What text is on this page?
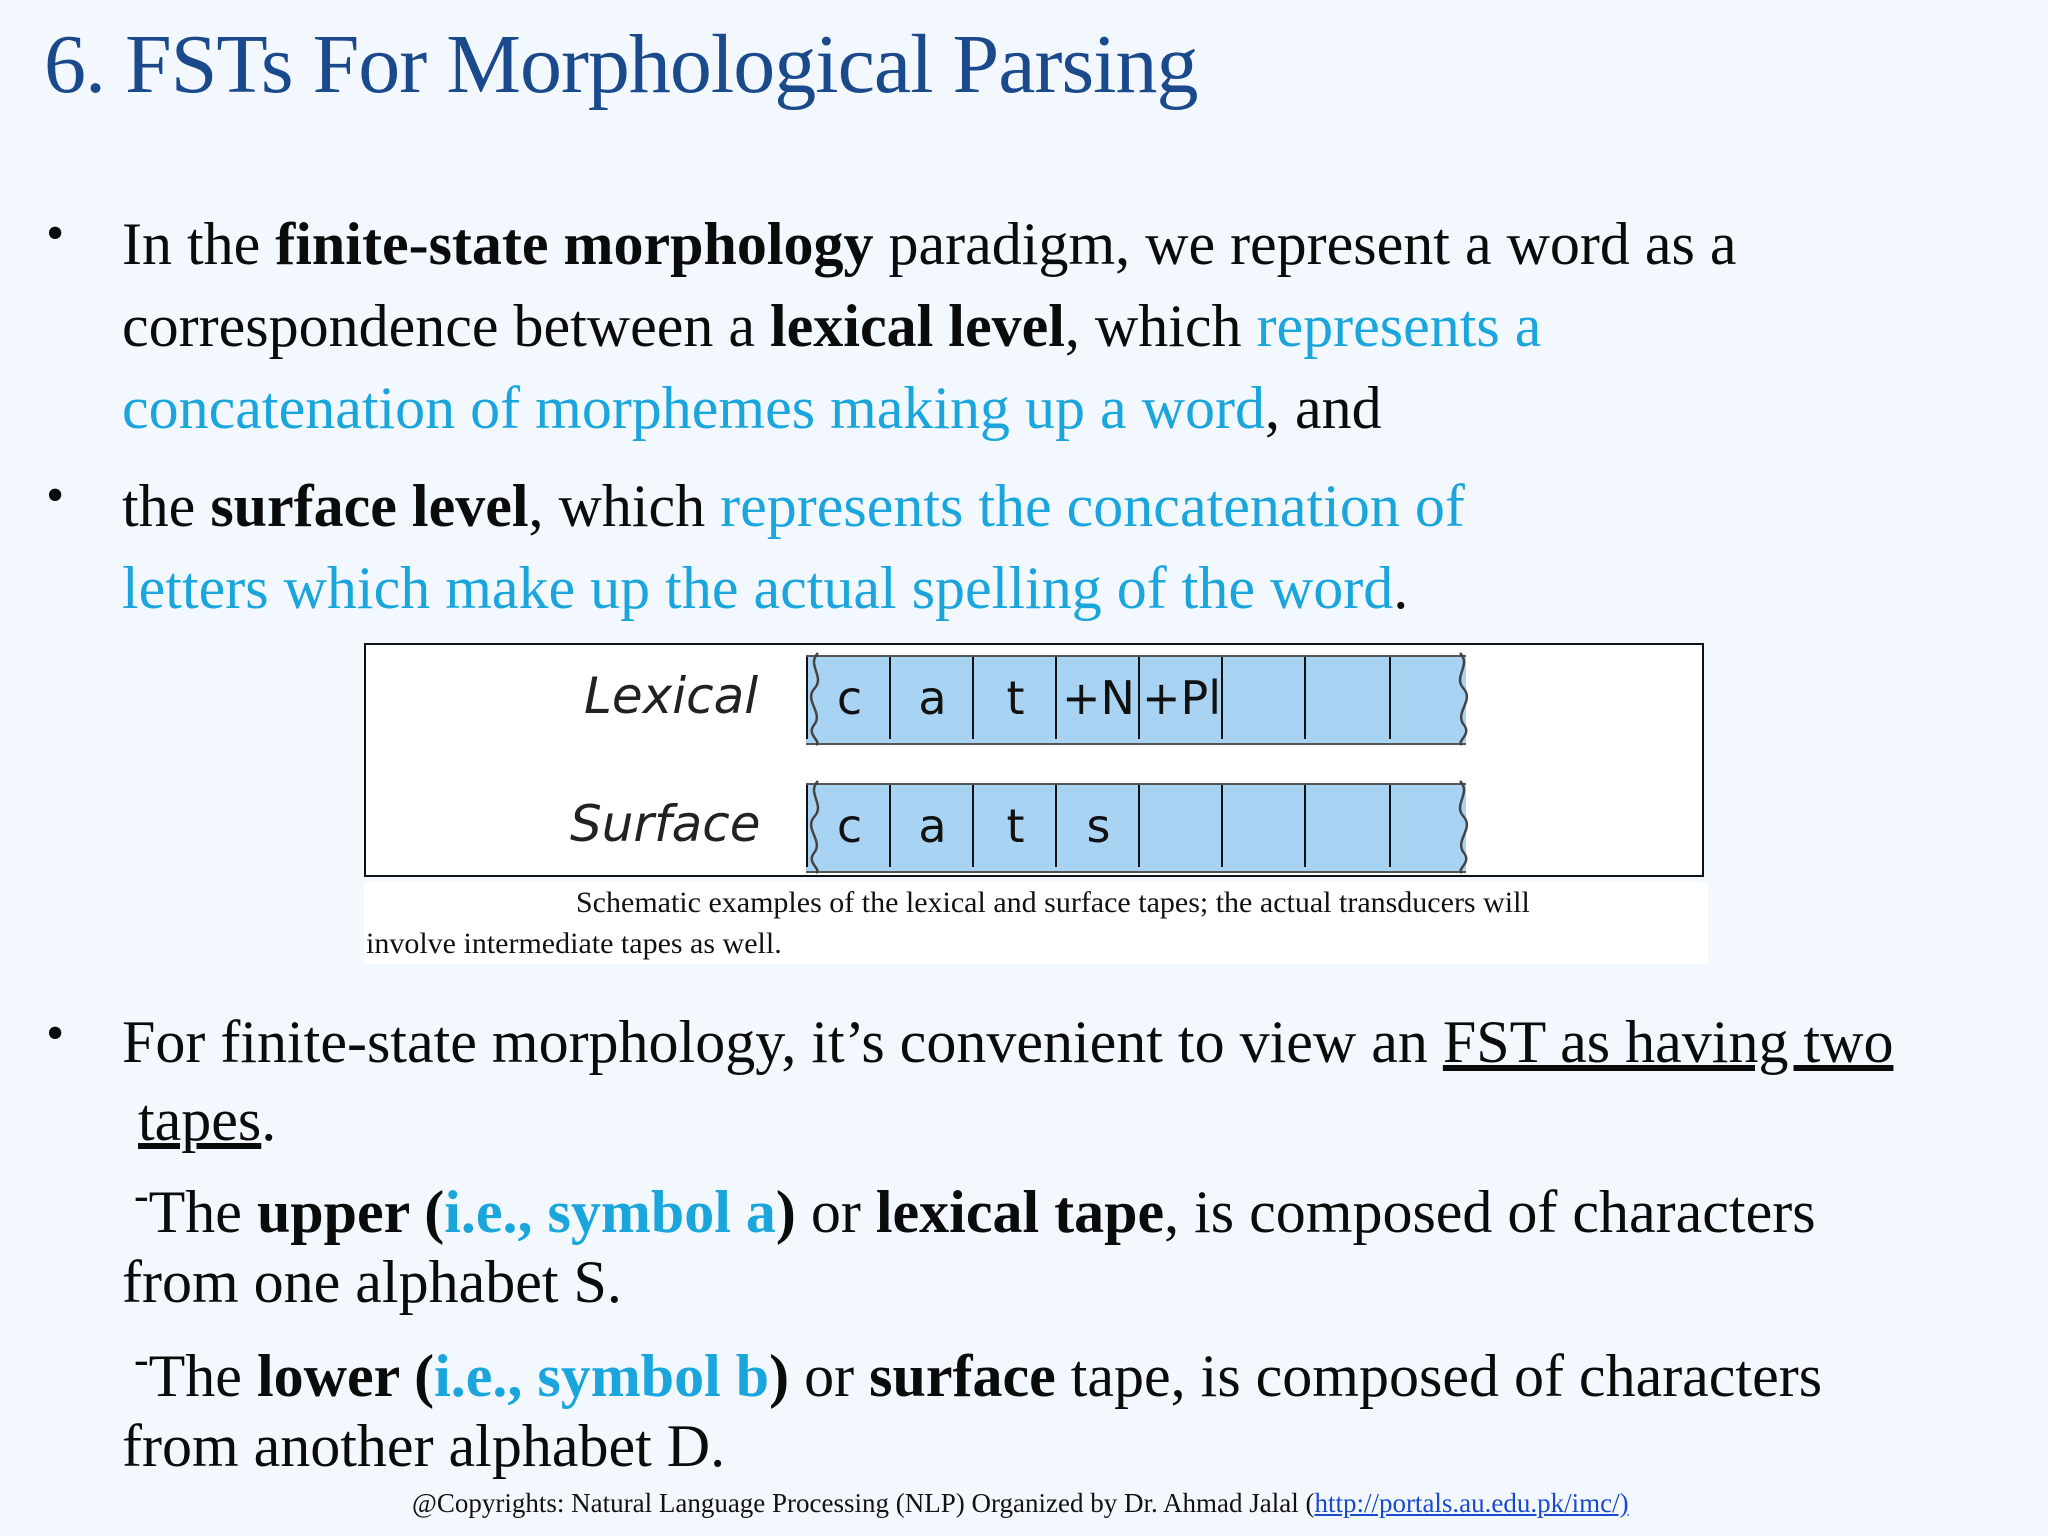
6. FSTs For Morphological Parsing
• In the finite-state morphology paradigm, we represent a word as a
correspondence between a lexical level, which represents a
concatenation of morphemes making up a word, and
• the surface level, which represents the concatenation of
letters which make up the actual spelling of the word.
Lexical
Surface
c	a	t +N +Pl
c	a	t	s
Schematic examples of the lexical and surface tapes; the actual transducers will
involve intermediate tapes as well.
• For finite-state morphology, it’s convenient to view an FST as having two
tapes.
-The upper (i.e., symbol a) or lexical tape, is composed of characters
from one alphabet S.
-The lower (i.e., symbol b) or surface tape, is composed of characters
from another alphabet D.
@Copyrights: Natural Language Processing (NLP) Organized by Dr. Ahmad Jalal (http://portals.au.edu.pk/imc/)
